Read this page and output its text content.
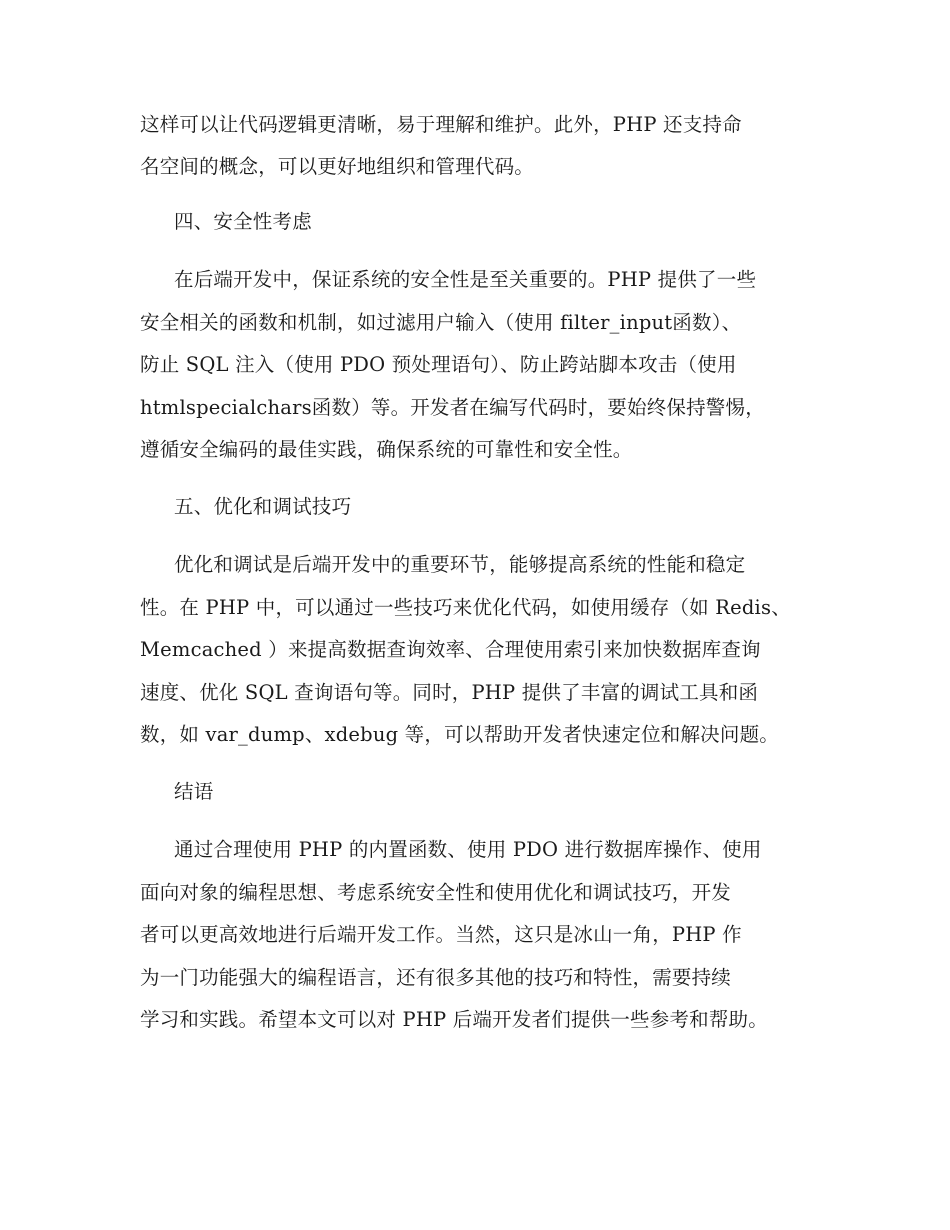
这样可以让代码逻辑更清晰，易于理解和维护。此外，PHP 还支持命
名空间的概念，可以更好地组织和管理代码。
四、安全性考虑
在后端开发中，保证系统的安全性是至关重要的。PHP 提供了一些
安全相关的函数和机制，如过滤用户输入（使用 filter_input函数）、
防止 SQL 注入（使用 PDO 预处理语句）、防止跨站脚本攻击（使用
htmlspecialchars函数）等。开发者在编写代码时，要始终保持警惕，
遵循安全编码的最佳实践，确保系统的可靠性和安全性。
五、优化和调试技巧
优化和调试是后端开发中的重要环节，能够提高系统的性能和稳定
性。在 PHP 中，可以通过一些技巧来优化代码，如使用缓存（如 Redis、
Memcached ）来提高数据查询效率、合理使用索引来加快数据库查询
速度、优化 SQL 查询语句等。同时，PHP 提供了丰富的调试工具和函
数，如 var_dump、xdebug 等，可以帮助开发者快速定位和解决问题。
结语
通过合理使用 PHP 的内置函数、使用 PDO 进行数据库操作、使用
面向对象的编程思想、考虑系统安全性和使用优化和调试技巧，开发
者可以更高效地进行后端开发工作。当然，这只是冰山一角，PHP 作
为一门功能强大的编程语言，还有很多其他的技巧和特性，需要持续
学习和实践。希望本文可以对 PHP 后端开发者们提供一些参考和帮助。
